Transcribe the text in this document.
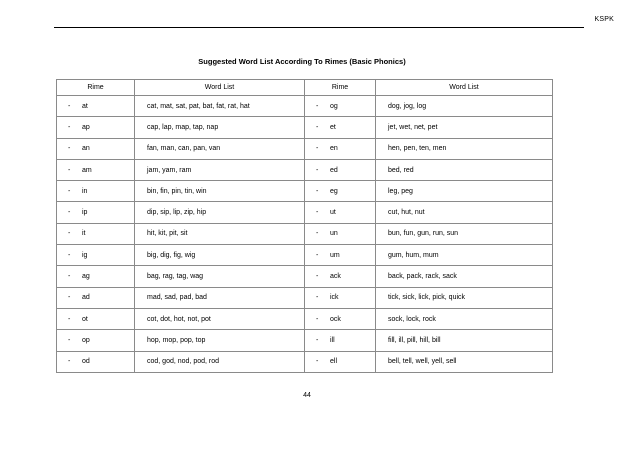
KSPK
Suggested Word List According To Rimes (Basic Phonics)
Rime	Word List	Rime	Word List
- at	cat, mat, sat, pat, bat, fat, rat, hat	- og	dog, jog, log
- ap	cap, lap, map, tap, nap	- et	jet, wet, net, pet
- an	fan, man, can, pan, van	- en	hen, pen, ten, men
- am	jam, yam, ram	- ed	bed, red
- in	bin, fin, pin, tin, win	- eg	leg, peg
- ip	dip, sip, lip, zip, hip	- ut	cut, hut, nut
- it	hit, kit, pit, sit	- un	bun, fun, gun, run, sun
- ig	big, dig, fig, wig	- um	gum, hum, mum
- ag	bag, rag, tag, wag	- ack	back, pack, rack, sack
- ad	mad, sad, pad, bad	- ick	tick, sick, lick, pick, quick
- ot	cot, dot, hot, not, pot	- ock	sock, lock, rock
- op	hop, mop, pop, top	- ill	fill, ill, pill, hill, bill
- od	cod, god, nod, pod, rod	- ell	bell, tell, well, yell, sell
44
